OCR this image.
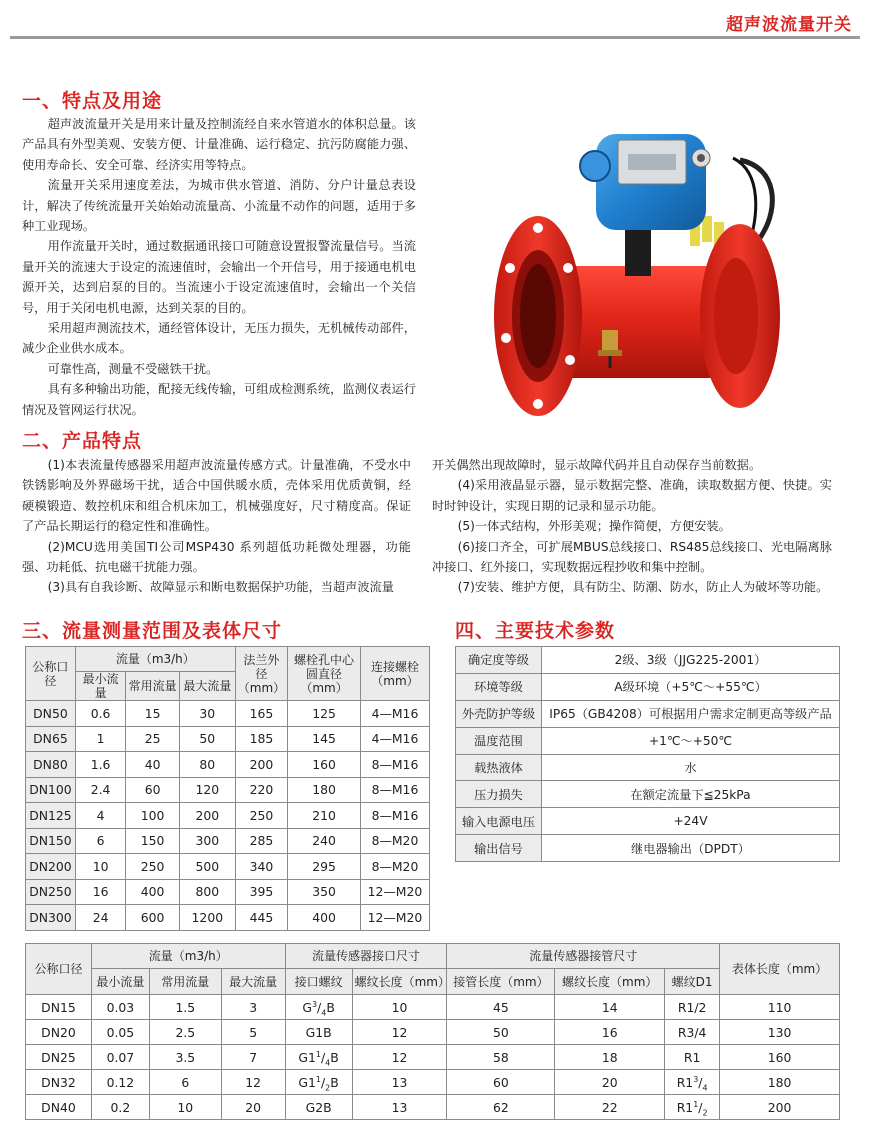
超声波流量开关
一、特点及用途

超声波流量开关是用来计量及控制流经自来水管道水的体积总量。该产品具有外型美观、安装方便、计量准确、运行稳定、抗污防腐能力强、使用寿命长、安全可靠、经济实用等特点。

流量开关采用速度差法，为城市供水管道、消防、分户计量总表设计，解决了传统流量开关始始动流量高、小流量不动作的问题，适用于多种工业现场。

用作流量开关时，通过数据通讯接口可随意设置报警流量信号。当流量开关的流速大于设定的流速值时，会输出一个开信号，用于接通电机电源开关，达到启泵的目的。当流速小于设定流速值时，会输出一个关信号，用于关闭电机电源，达到关泵的目的。

采用超声测流技术，通经管体设计，无压力损失，无机械传动部件，减少企业供水成本。

可靠性高，测量不受磁铁干扰。

具有多种输出功能，配接无线传输，可组成检测系统，监测仪表运行情况及管网运行状况。

二、产品特点

(1)本表流量传感器采用超声波流量传感方式。计量准确，不受水中铁锈影响及外界磁场干扰，适合中国供暖水质，壳体采用优质黄铜，经硬模锻造、数控机床和组合机床加工，机械强度好，尺寸精度高。保证了产品长期运行的稳定性和准确性。

(2)MCU选用美国TI公司MSP430 系列超低功耗微处理器，功能强、功耗低、抗电磁干扰能力强。

(3)具有自我诊断、故障显示和断电数据保护功能，当超声波流量

开关偶然出现故障时，显示故障代码并且自动保存当前数据。

(4)采用液晶显示器，显示数据完整、准确，读取数据方便、快捷。实时时钟设计，实现日期的记录和显示功能。

(5)一体式结构，外形美观；操作简便，方便安装。

(6)接口齐全，可扩展MBUS总线接口、RS485总线接口、光电隔离脉冲接口、红外接口，实现数据远程抄收和集中控制。

(7)安装、维护方便，具有防尘、防潮、防水，防止人为破坏等功能。

三、流量测量范围及表体尺寸
公称口径	流量（m3/h）			法兰外径（mm）	螺栓孔中心圆直径（mm）	连接螺栓（mm）
	最小流量	常用流量	最大流量			
DN50	0.6	15	30	165	125	4—M16
DN65	1	25	50	185	145	4—M16
DN80	1.6	40	80	200	160	8—M16
DN100	2.4	60	120	220	180	8—M16
DN125	4	100	200	250	210	8—M16
DN150	6	150	300	285	240	8—M20
DN200	10	250	500	340	295	8—M20
DN250	16	400	800	395	350	12—M20
DN300	24	600	1200	445	400	12—M20
四、主要技术参数
确定度等级	2级、3级（JJG225-2001）
环境等级	A级环境（+5℃～+55℃）
外壳防护等级	IP65（GB4208）可根据用户需求定制更高等级产品
温度范围	+1℃～+50℃
载热液体	水
压力损失	在额定流量下≦25kPa
输入电源电压	+24V
输出信号	继电器输出（DPDT）
公称口径	流量（m3/h）			流量传感器接口尺寸		流量传感器接管尺寸			表体长度（mm）
	最小流量	常用流量	最大流量	接口螺纹	螺纹长度（mm）	接管长度（mm）	螺纹长度（mm）	螺纹D1	
DN15	0.03	1.5	3	$G^3/_4B$	10	45	14	R1/2	110
DN20	0.05	2.5	5	G1B	12	50	16	R3/4	130
DN25	0.07	3.5	7	$G1^1/_4B$	12	58	18	R1	160
DN32	0.12	6	12	$G1^1/_2B$	13	60	20	$R1^3/_4$	180
DN40	0.2	10	20	G2B	13	62	22	$R1^1/_2$	200
